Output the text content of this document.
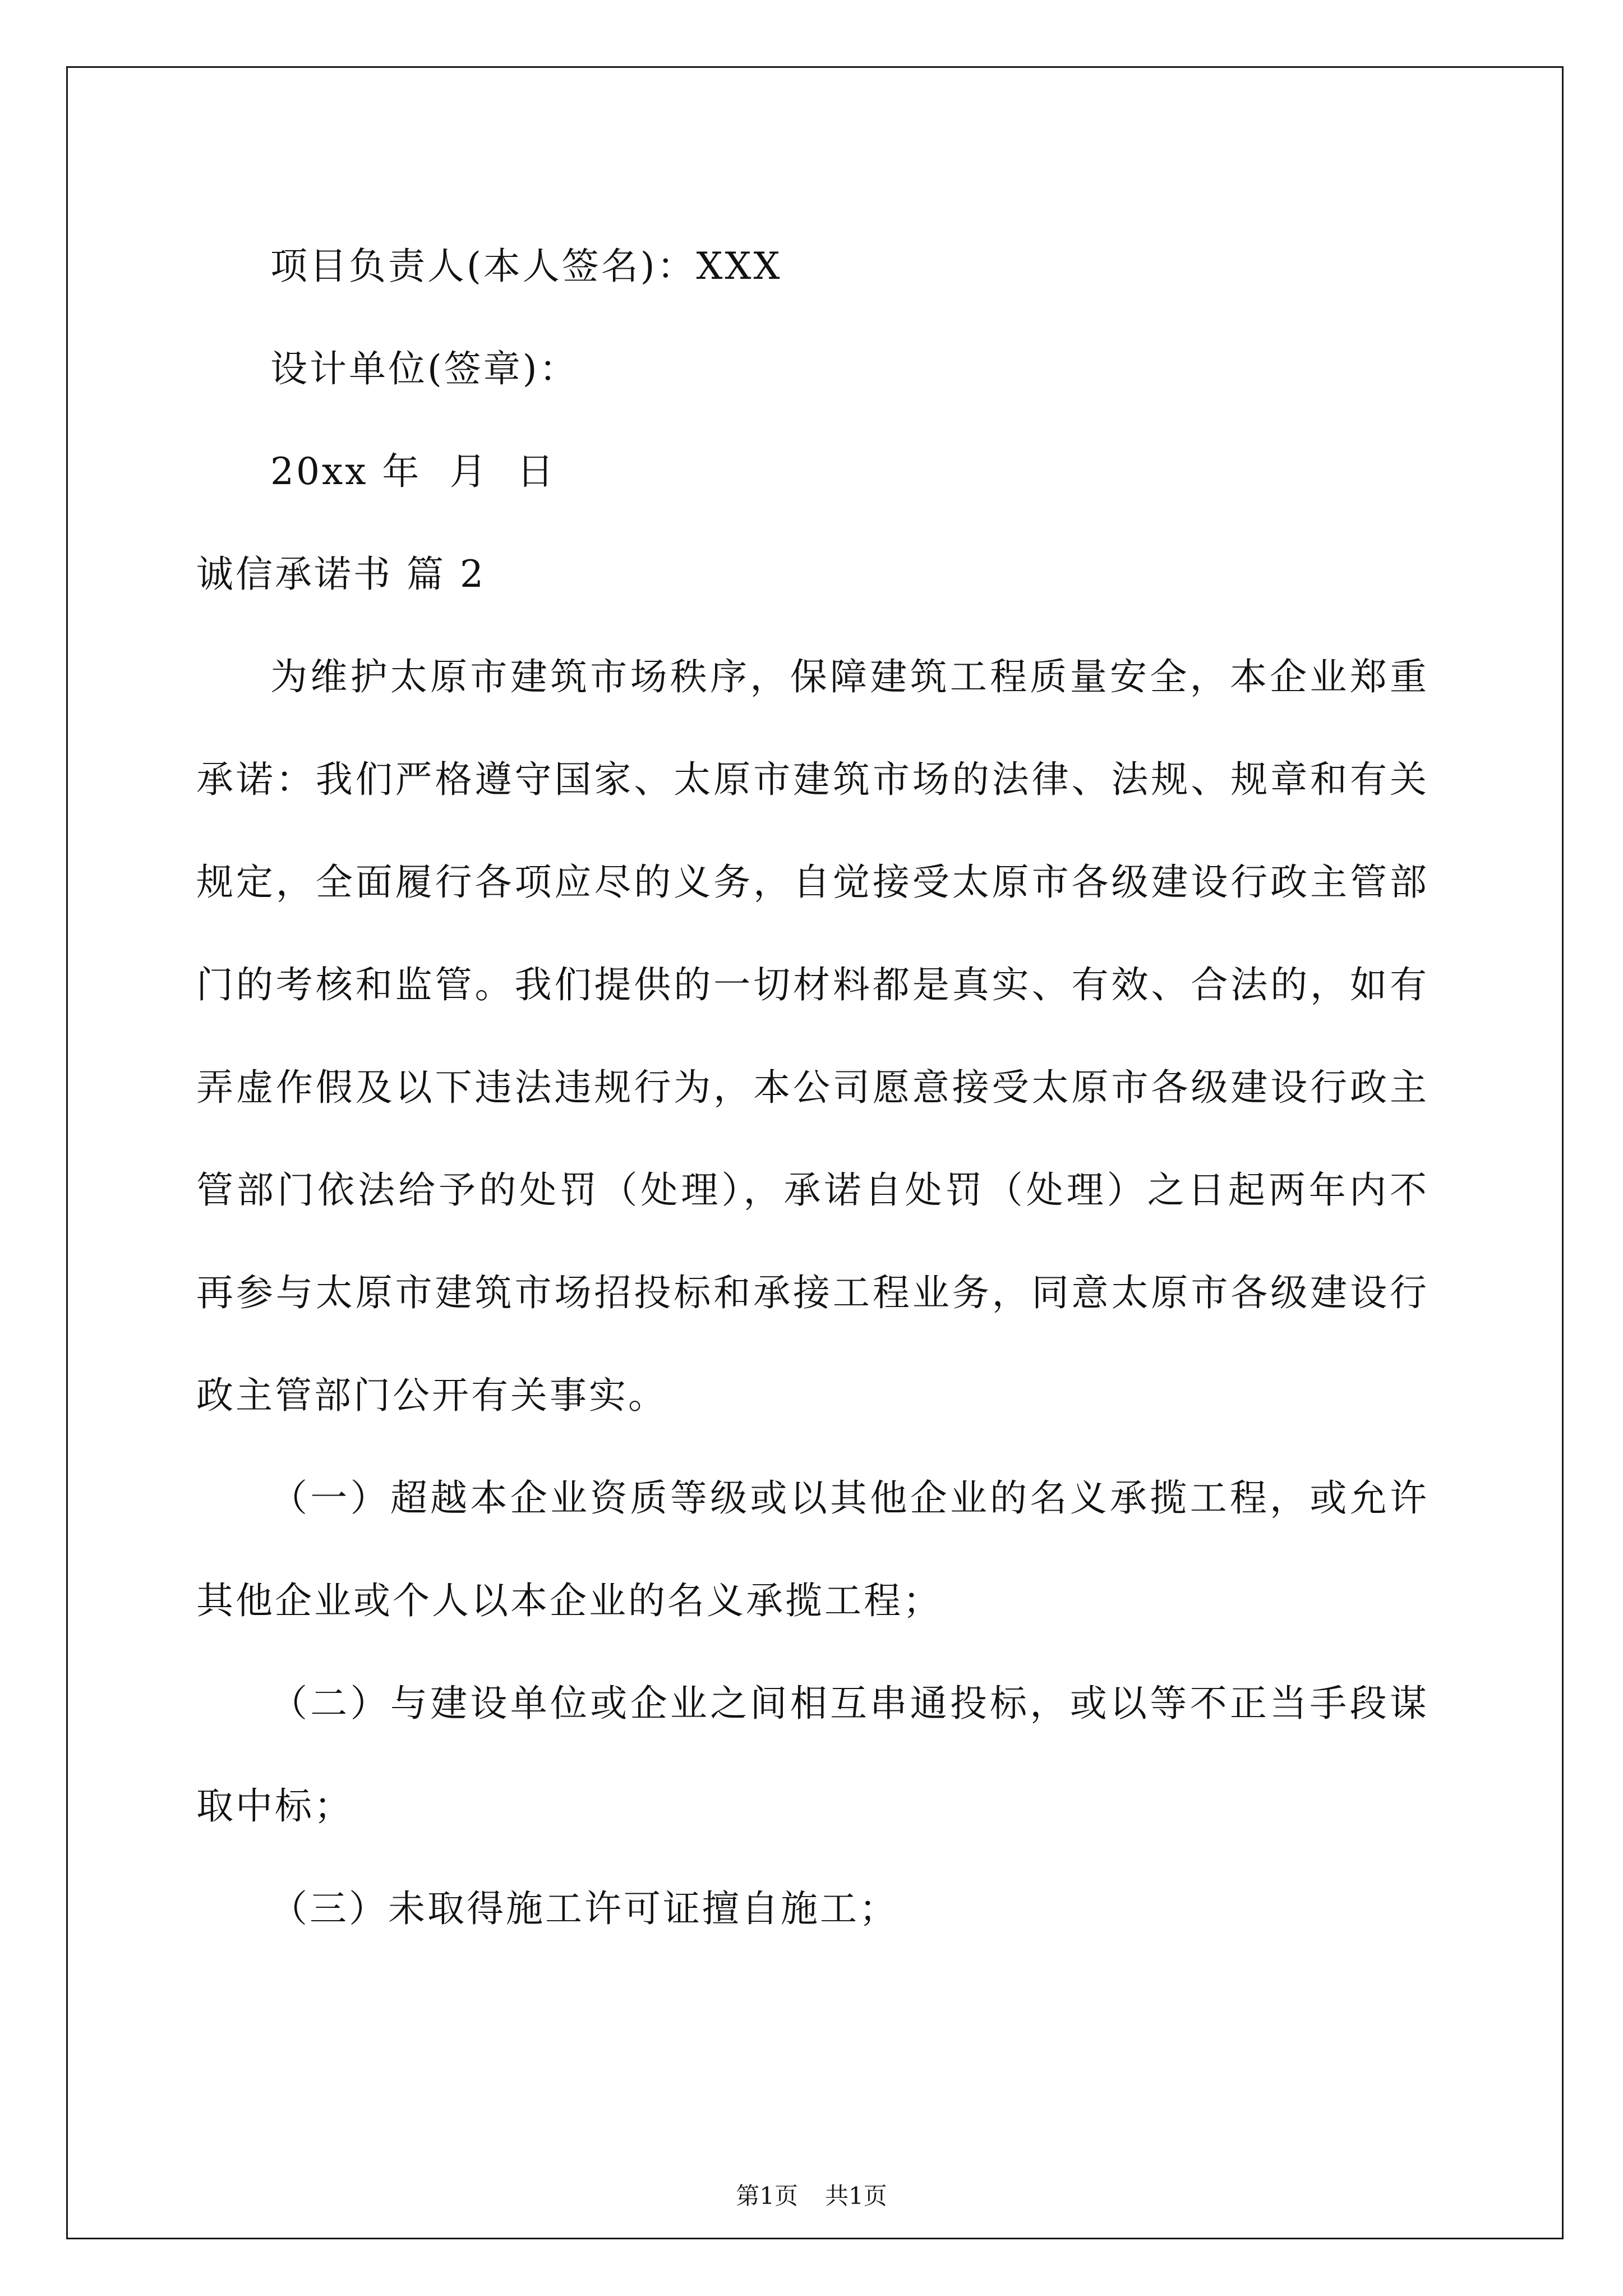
项目负责人(本人签名)：XXX

设计单位(签章)：

20xx 年  月  日

诚信承诺书 篇 2

为维护太原市建筑市场秩序，保障建筑工程质量安全，本企业郑重承诺：我们严格遵守国家、太原市建筑市场的法律、法规、规章和有关规定，全面履行各项应尽的义务，自觉接受太原市各级建设行政主管部门的考核和监管。我们提供的一切材料都是真实、有效、合法的，如有弄虚作假及以下违法违规行为，本公司愿意接受太原市各级建设行政主管部门依法给予的处罚（处理），承诺自处罚（处理）之日起两年内不再参与太原市建筑市场招投标和承接工程业务，同意太原市各级建设行政主管部门公开有关事实。

（一）超越本企业资质等级或以其他企业的名义承揽工程，或允许其他企业或个人以本企业的名义承揽工程；

（二）与建设单位或企业之间相互串通投标，或以等不正当手段谋取中标；

（三）未取得施工许可证擅自施工；

第1页 共1页
